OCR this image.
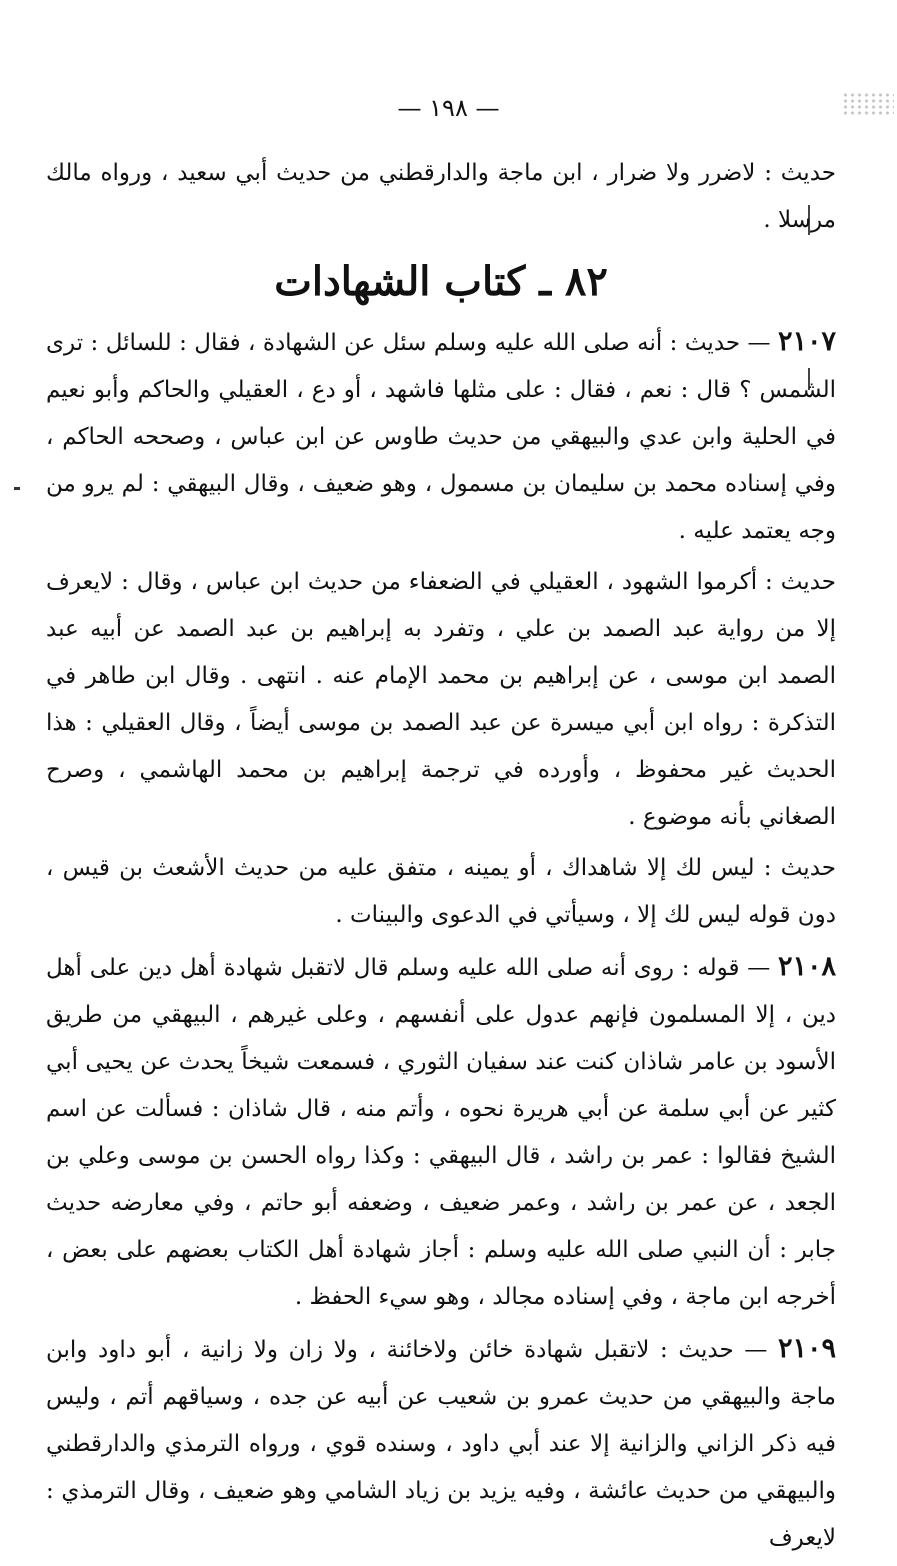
— ١٩٨ —

حديث : لاضرر ولا ضرار ، ابن ماجة والدارقطني من حديث أبي سعيد ، ورواه مالك مرسلا .

٨٢ ـ كتاب الشهادات

٢١٠٧ — حديث : أنه صلى الله عليه وسلم سئل عن الشهادة ، فقال : للسائل : ترى الشمس ؟ قال : نعم ، فقال : على مثلها فاشهد ، أو دع ، العقيلي والحاكم وأبو نعيم في الحلية وابن عدي والبيهقي من حديث طاوس عن ابن عباس ، وصححه الحاكم ، وفي إسناده محمد بن سليمان بن مسمول ، وهو ضعيف ، وقال البيهقي : لم يرو من وجه يعتمد عليه .

حديث : أكرموا الشهود ، العقيلي في الضعفاء من حديث ابن عباس ، وقال : لايعرف إلا من رواية عبد الصمد بن علي ، وتفرد به إبراهيم بن عبد الصمد عن أبيه عبد الصمد ابن موسى ، عن إبراهيم بن محمد الإمام عنه . انتهى . وقال ابن طاهر في التذكرة : رواه ابن أبي ميسرة عن عبد الصمد بن موسى أيضاً ، وقال العقيلي : هذا الحديث غير محفوظ ، وأورده في ترجمة إبراهيم بن محمد الهاشمي ، وصرح الصغاني بأنه موضوع .

حديث : ليس لك إلا شاهداك ، أو يمينه ، متفق عليه من حديث الأشعث بن قيس ، دون قوله ليس لك إلا ، وسيأتي في الدعوى والبينات .

٢١٠٨ — قوله : روى أنه صلى الله عليه وسلم قال لاتقبل شهادة أهل دين على أهل دين ، إلا المسلمون فإنهم عدول على أنفسهم ، وعلى غيرهم ، البيهقي من طريق الأسود بن عامر شاذان كنت عند سفيان الثوري ، فسمعت شيخاً يحدث عن يحيى أبي كثير عن أبي سلمة عن أبي هريرة نحوه ، وأتم منه ، قال شاذان : فسألت عن اسم الشيخ فقالوا : عمر بن راشد ، قال البيهقي : وكذا رواه الحسن بن موسى وعلي بن الجعد ، عن عمر بن راشد ، وعمر ضعيف ، وضعفه أبو حاتم ، وفي معارضه حديث جابر : أن النبي صلى الله عليه وسلم : أجاز شهادة أهل الكتاب بعضهم على بعض ، أخرجه ابن ماجة ، وفي إسناده مجالد ، وهو سيء الحفظ .

٢١٠٩ — حديث : لاتقبل شهادة خائن ولاخائنة ، ولا زان ولا زانية ، أبو داود وابن ماجة والبيهقي من حديث عمرو بن شعيب عن أبيه عن جده ، وسياقهم أتم ، وليس فيه ذكر الزاني والزانية إلا عند أبي داود ، وسنده قوي ، ورواه الترمذي والدارقطني والبيهقي من حديث عائشة ، وفيه يزيد بن زياد الشامي وهو ضعيف ، وقال الترمذي : لايعرف
